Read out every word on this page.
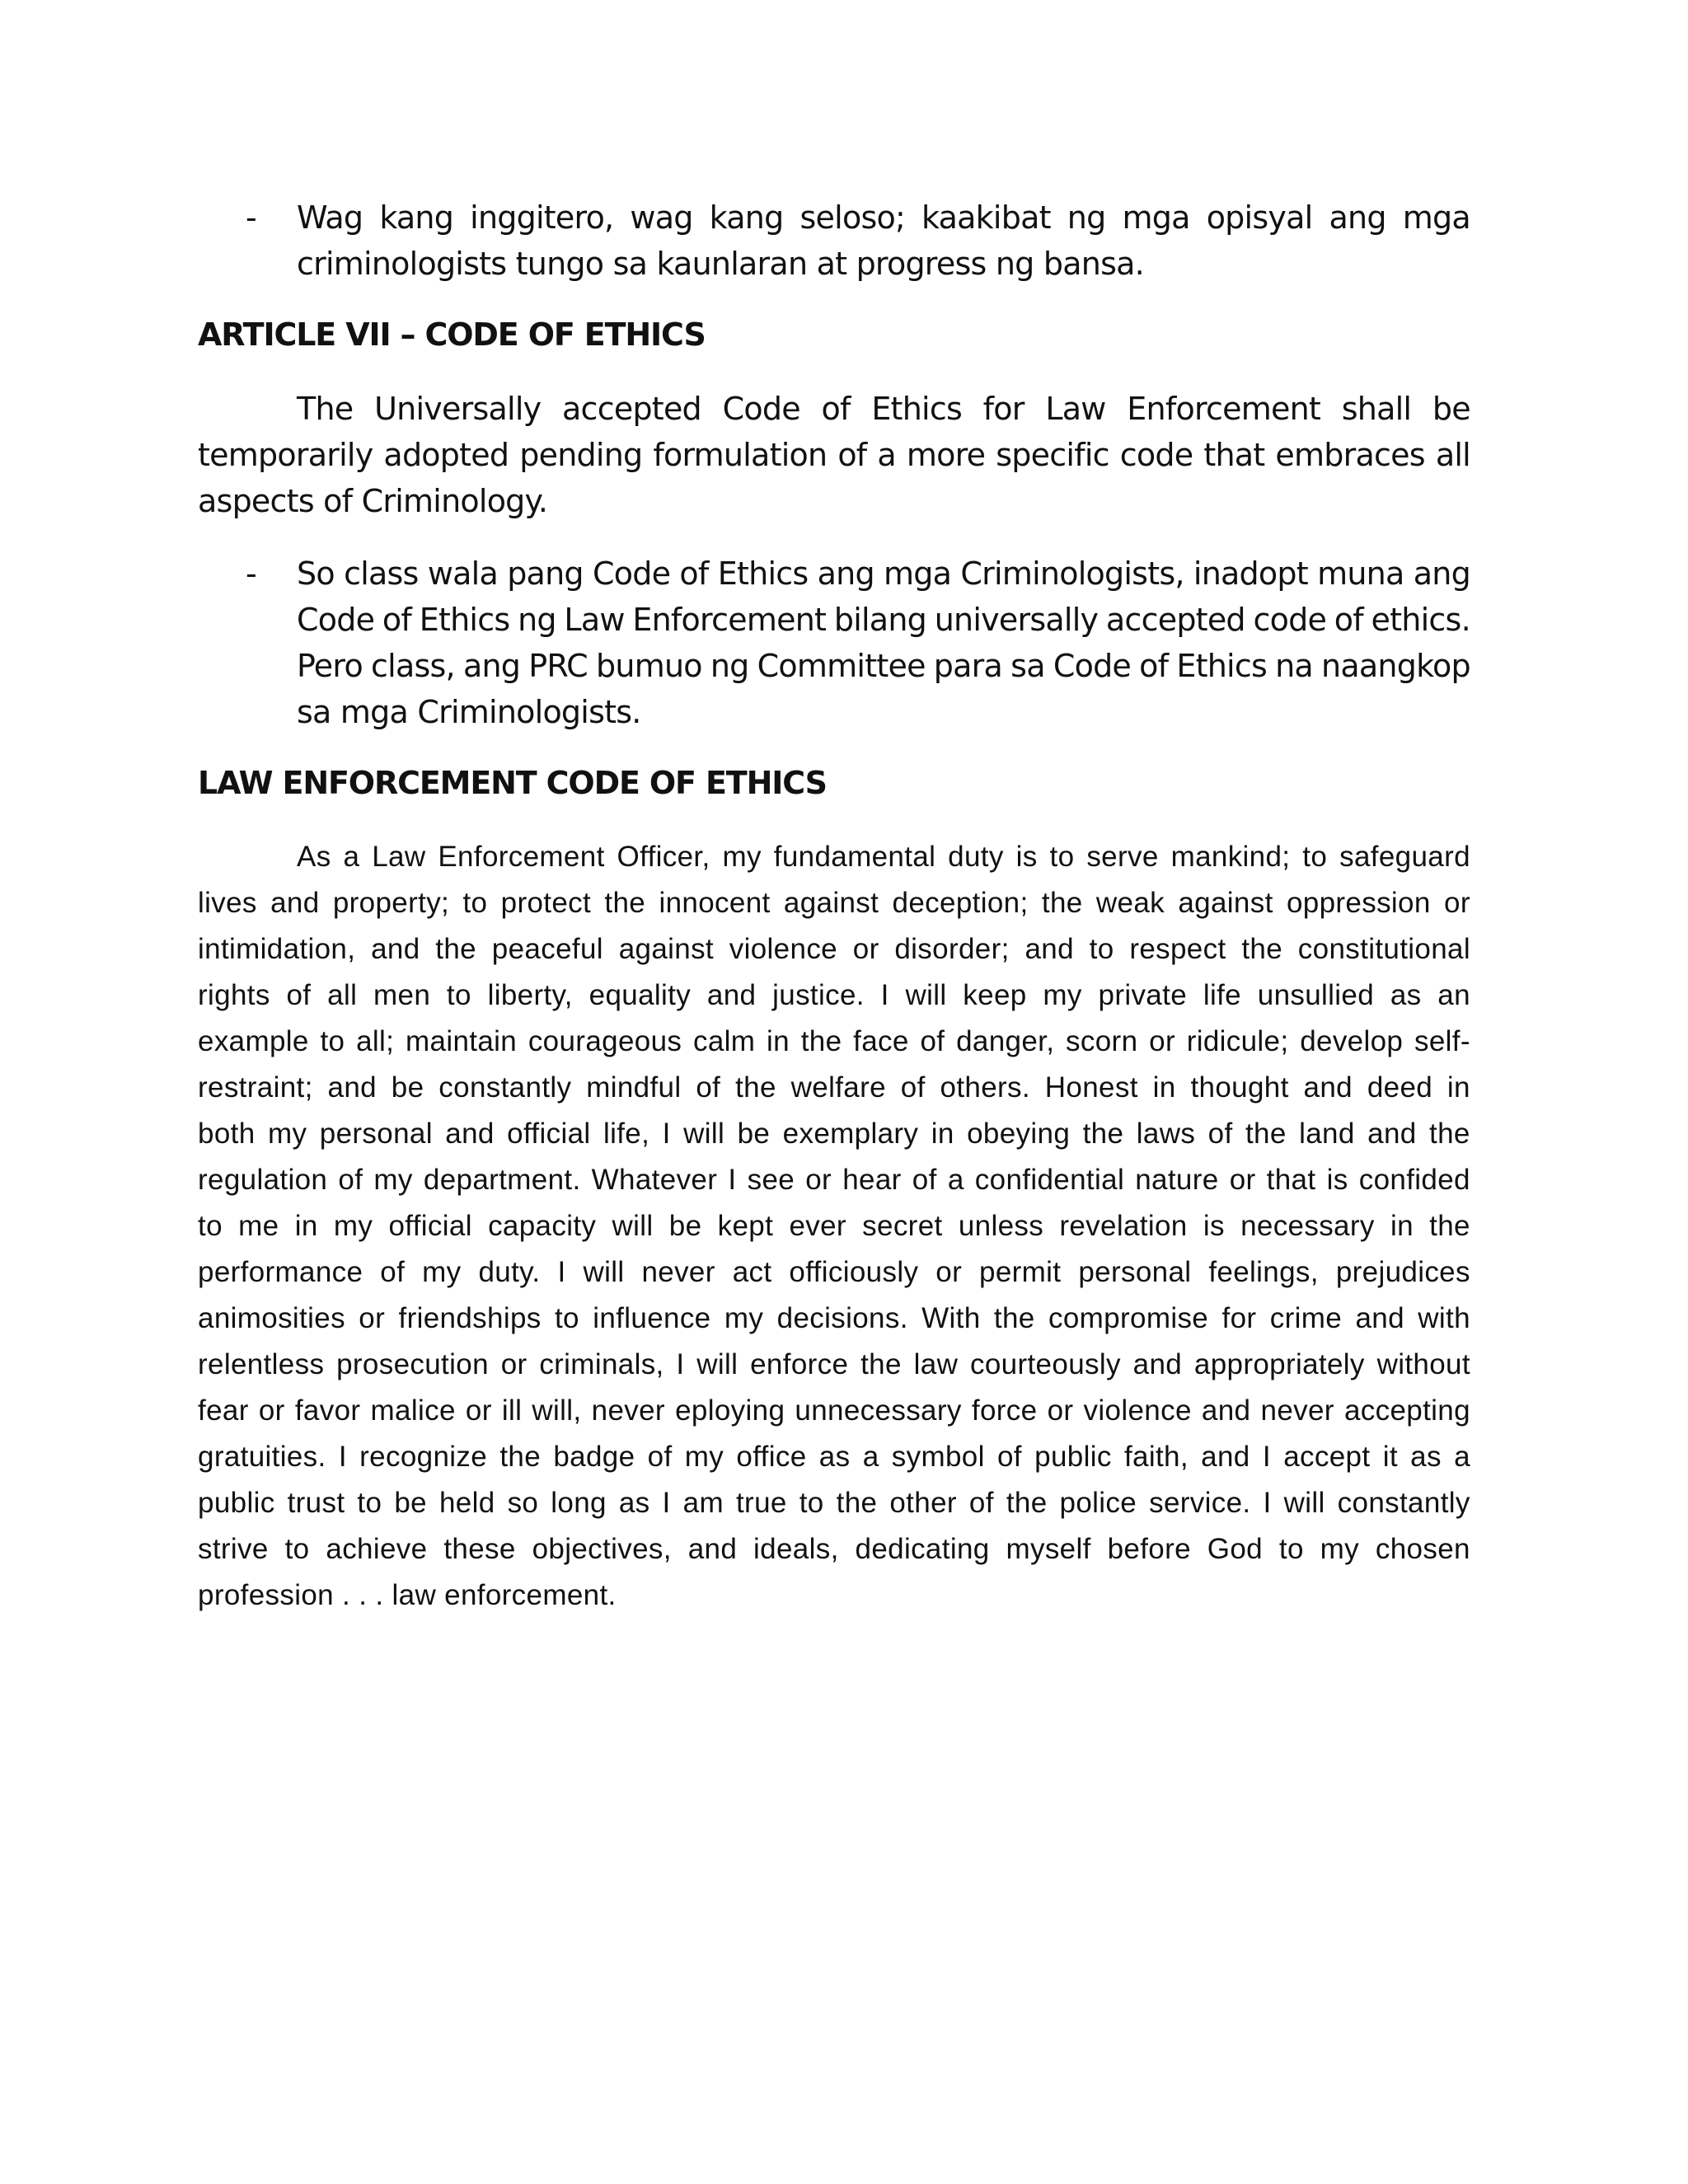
- Wag kang inggitero, wag kang seloso; kaakibat ng mga opisyal ang mga
criminologists tungo sa kaunlaran at progress ng bansa.
ARTICLE VII – CODE OF ETHICS
The Universally accepted Code of Ethics for Law Enforcement shall be
temporarily adopted pending formulation of a more specific code that embraces all
aspects of Criminology.
- So class wala pang Code of Ethics ang mga Criminologists, inadopt muna ang
Code of Ethics ng Law Enforcement bilang universally accepted code of ethics.
Pero class, ang PRC bumuo ng Committee para sa Code of Ethics na naangkop
sa mga Criminologists.
LAW ENFORCEMENT CODE OF ETHICS
As a Law Enforcement Officer, my fundamental duty is to serve mankind; to safeguard
lives and property; to protect the innocent against deception; the weak against oppression or
intimidation, and the peaceful against violence or disorder; and to respect the constitutional
rights of all men to liberty, equality and justice. I will keep my private life unsullied as an
example to all; maintain courageous calm in the face of danger, scorn or ridicule; develop self-
restraint; and be constantly mindful of the welfare of others. Honest in thought and deed in
both my personal and official life, I will be exemplary in obeying the laws of the land and the
regulation of my department. Whatever I see or hear of a confidential nature or that is confided
to me in my official capacity will be kept ever secret unless revelation is necessary in the
performance of my duty. I will never act officiously or permit personal feelings, prejudices
animosities or friendships to influence my decisions. With the compromise for crime and with
relentless prosecution or criminals, I will enforce the law courteously and appropriately without
fear or favor malice or ill will, never eploying unnecessary force or violence and never accepting
gratuities. I recognize the badge of my office as a symbol of public faith, and I accept it as a
public trust to be held so long as I am true to the other of the police service. I will constantly
strive to achieve these objectives, and ideals, dedicating myself before God to my chosen
profession . . . law enforcement.
